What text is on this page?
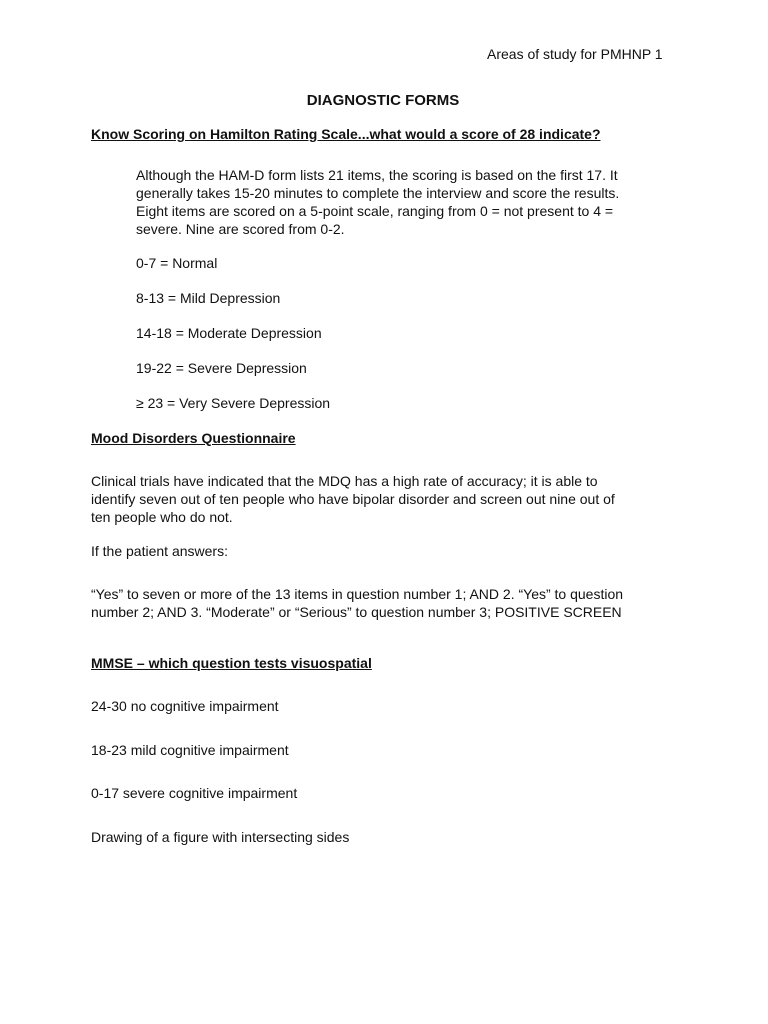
Areas of study for PMHNP 1

DIAGNOSTIC FORMS

Know Scoring on Hamilton Rating Scale...what would a score of 28 indicate?

Although the HAM-D form lists 21 items, the scoring is based on the first 17. It

generally takes 15-20 minutes to complete the interview and score the results.

Eight items are scored on a 5-point scale, ranging from 0 = not present to 4 =

severe. Nine are scored from 0-2.

0-7 = Normal

8-13 = Mild Depression

14-18 = Moderate Depression

19-22 = Severe Depression

≥ 23 = Very Severe Depression

Mood Disorders Questionnaire

Clinical trials have indicated that the MDQ has a high rate of accuracy; it is able to

identify seven out of ten people who have bipolar disorder and screen out nine out of

ten people who do not.

If the patient answers:

“Yes” to seven or more of the 13 items in question number 1; AND 2. “Yes” to question

number 2; AND 3. “Moderate” or “Serious” to question number 3; POSITIVE SCREEN

MMSE – which question tests visuospatial

24-30 no cognitive impairment

18-23 mild cognitive impairment

0-17 severe cognitive impairment

Drawing of a figure with intersecting sides
